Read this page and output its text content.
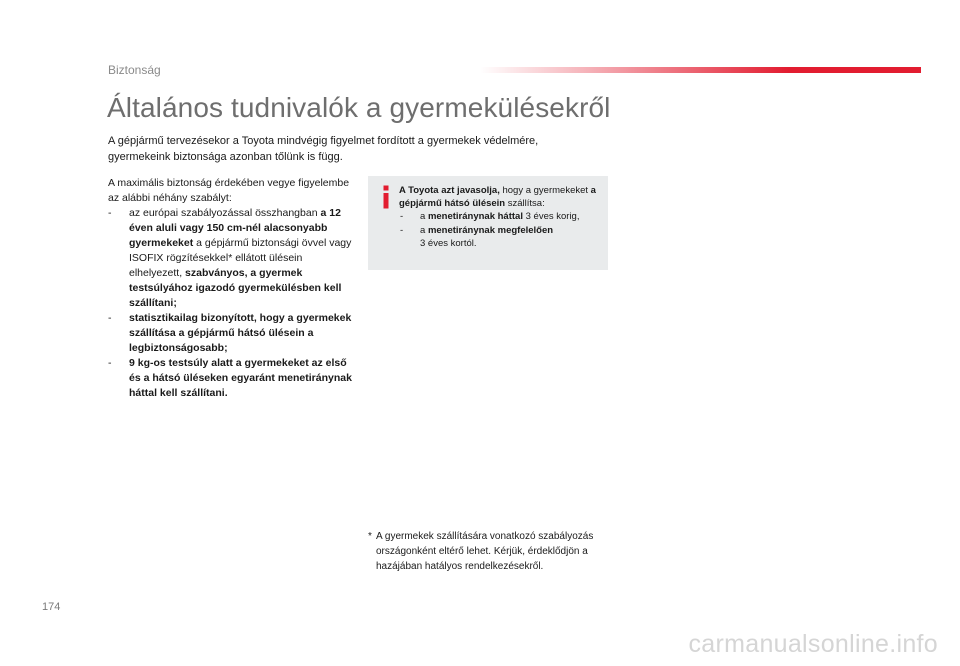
Biztonság
Általános tudnivalók a gyermekülésekről
A gépjármű tervezésekor a Toyota mindvégig figyelmet fordított a gyermekek védelmére,
gyermekeink biztonsága azonban tőlünk is függ.

A maximális biztonság érdekében vegye figyelembe az alábbi néhány szabályt:

- az európai szabályozással összhangban a 12 éven aluli vagy 150 cm-nél alacsonyabb gyermekeket a gépjármű biztonsági övvel vagy ISOFIX rögzítésekkel* ellátott ülésein elhelyezett, szabványos, a gyermek testsúlyához igazodó gyermekülésben kell szállítani;
- statisztikailag bizonyított, hogy a gyermekek szállítása a gépjármű hátsó ülésein a legbiztonságosabb;
- 9 kg-os testsúly alatt a gyermekeket az első és a hátsó üléseken egyaránt menetiránynak háttal kell szállítani.

A Toyota azt javasolja, hogy a gyermekeket a gépjármű hátsó ülésein szállítsa:

- a menetiránynak háttal 3 éves korig,
- a menetiránynak megfelelően
3 éves kortól.
* A gyermekek szállítására vonatkozó szabályozás országonként eltérő lehet. Kérjük, érdeklődjön a hazájában hatályos rendelkezésekről.
174
carmanualsonline.info
